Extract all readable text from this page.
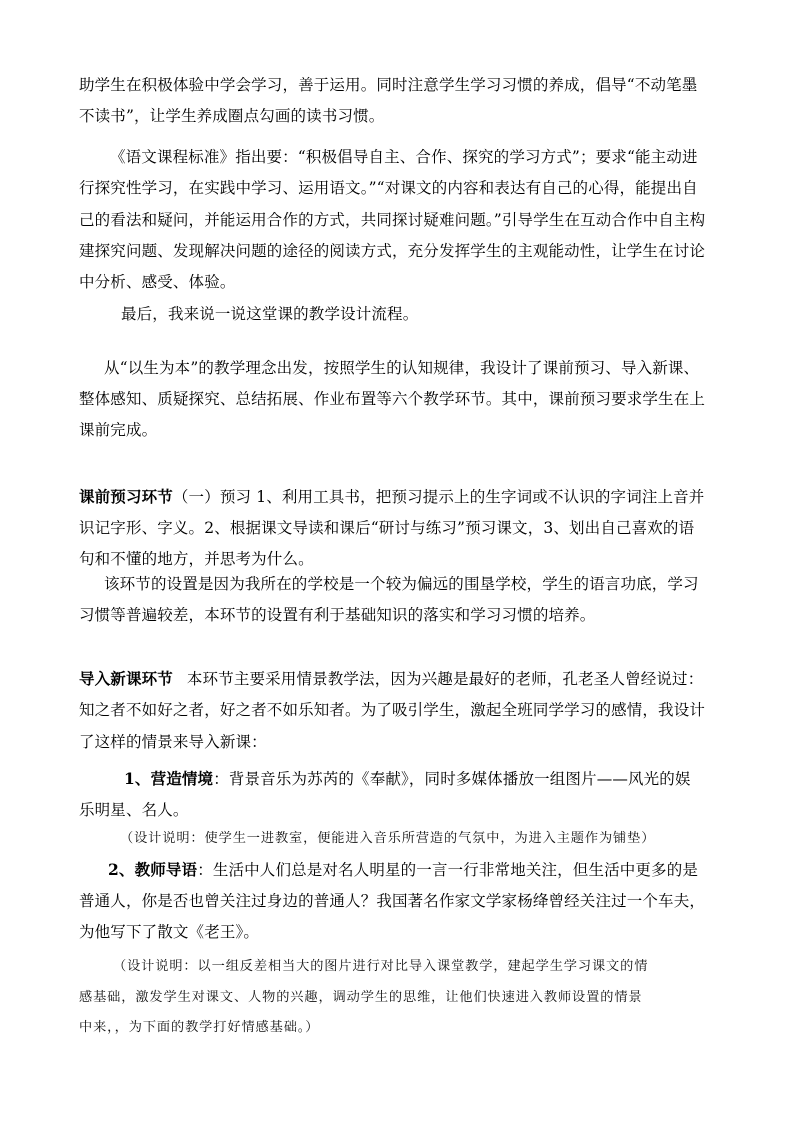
助学生在积极体验中学会学习，善于运用。同时注意学生学习习惯的养成，倡导“不动笔墨
不读书”，让学生养成圈点勾画的读书习惯。
《语文课程标准》指出要：“积极倡导自主、合作、探究的学习方式”；要求“能主动进
行探究性学习，在实践中学习、运用语文。”“对课文的内容和表达有自己的心得，能提出自
己的看法和疑问，并能运用合作的方式，共同探讨疑难问题。”引导学生在互动合作中自主构
建探究问题、发现解决问题的途径的阅读方式，充分发挥学生的主观能动性，让学生在讨论
中分析、感受、体验。
最后，我来说一说这堂课的教学设计流程。
从“以生为本”的教学理念出发，按照学生的认知规律，我设计了课前预习、导入新课、
整体感知、质疑探究、总结拓展、作业布置等六个教学环节。其中，课前预习要求学生在上
课前完成。
课前预习环节（一）预习 1、利用工具书，把预习提示上的生字词或不认识的字词注上音并
识记字形、字义。2、根据课文导读和课后“研讨与练习”预习课文，3、划出自己喜欢的语
句和不懂的地方，并思考为什么。
该环节的设置是因为我所在的学校是一个较为偏远的围垦学校，学生的语言功底，学习
习惯等普遍较差，本环节的设置有利于基础知识的落实和学习习惯的培养。
导入新课环节 本环节主要采用情景教学法，因为兴趣是最好的老师，孔老圣人曾经说过：
知之者不如好之者，好之者不如乐知者。为了吸引学生，激起全班同学学习的感情，我设计
了这样的情景来导入新课：
1、营造情境：背景音乐为苏芮的《奉献》，同时多媒体播放一组图片——风光的娱
乐明星、名人。
（设计说明：使学生一进教室，便能进入音乐所营造的气氛中，为进入主题作为铺垫）
2、教师导语：生活中人们总是对名人明星的一言一行非常地关注，但生活中更多的是
普通人，你是否也曾关注过身边的普通人？我国著名作家文学家杨绛曾经关注过一个车夫，
为他写下了散文《老王》。
（设计说明：以一组反差相当大的图片进行对比导入课堂教学，建起学生学习课文的情
感基础，激发学生对课文、人物的兴趣，调动学生的思维，让他们快速进入教师设置的情景
中来，，为下面的教学打好情感基础。）
